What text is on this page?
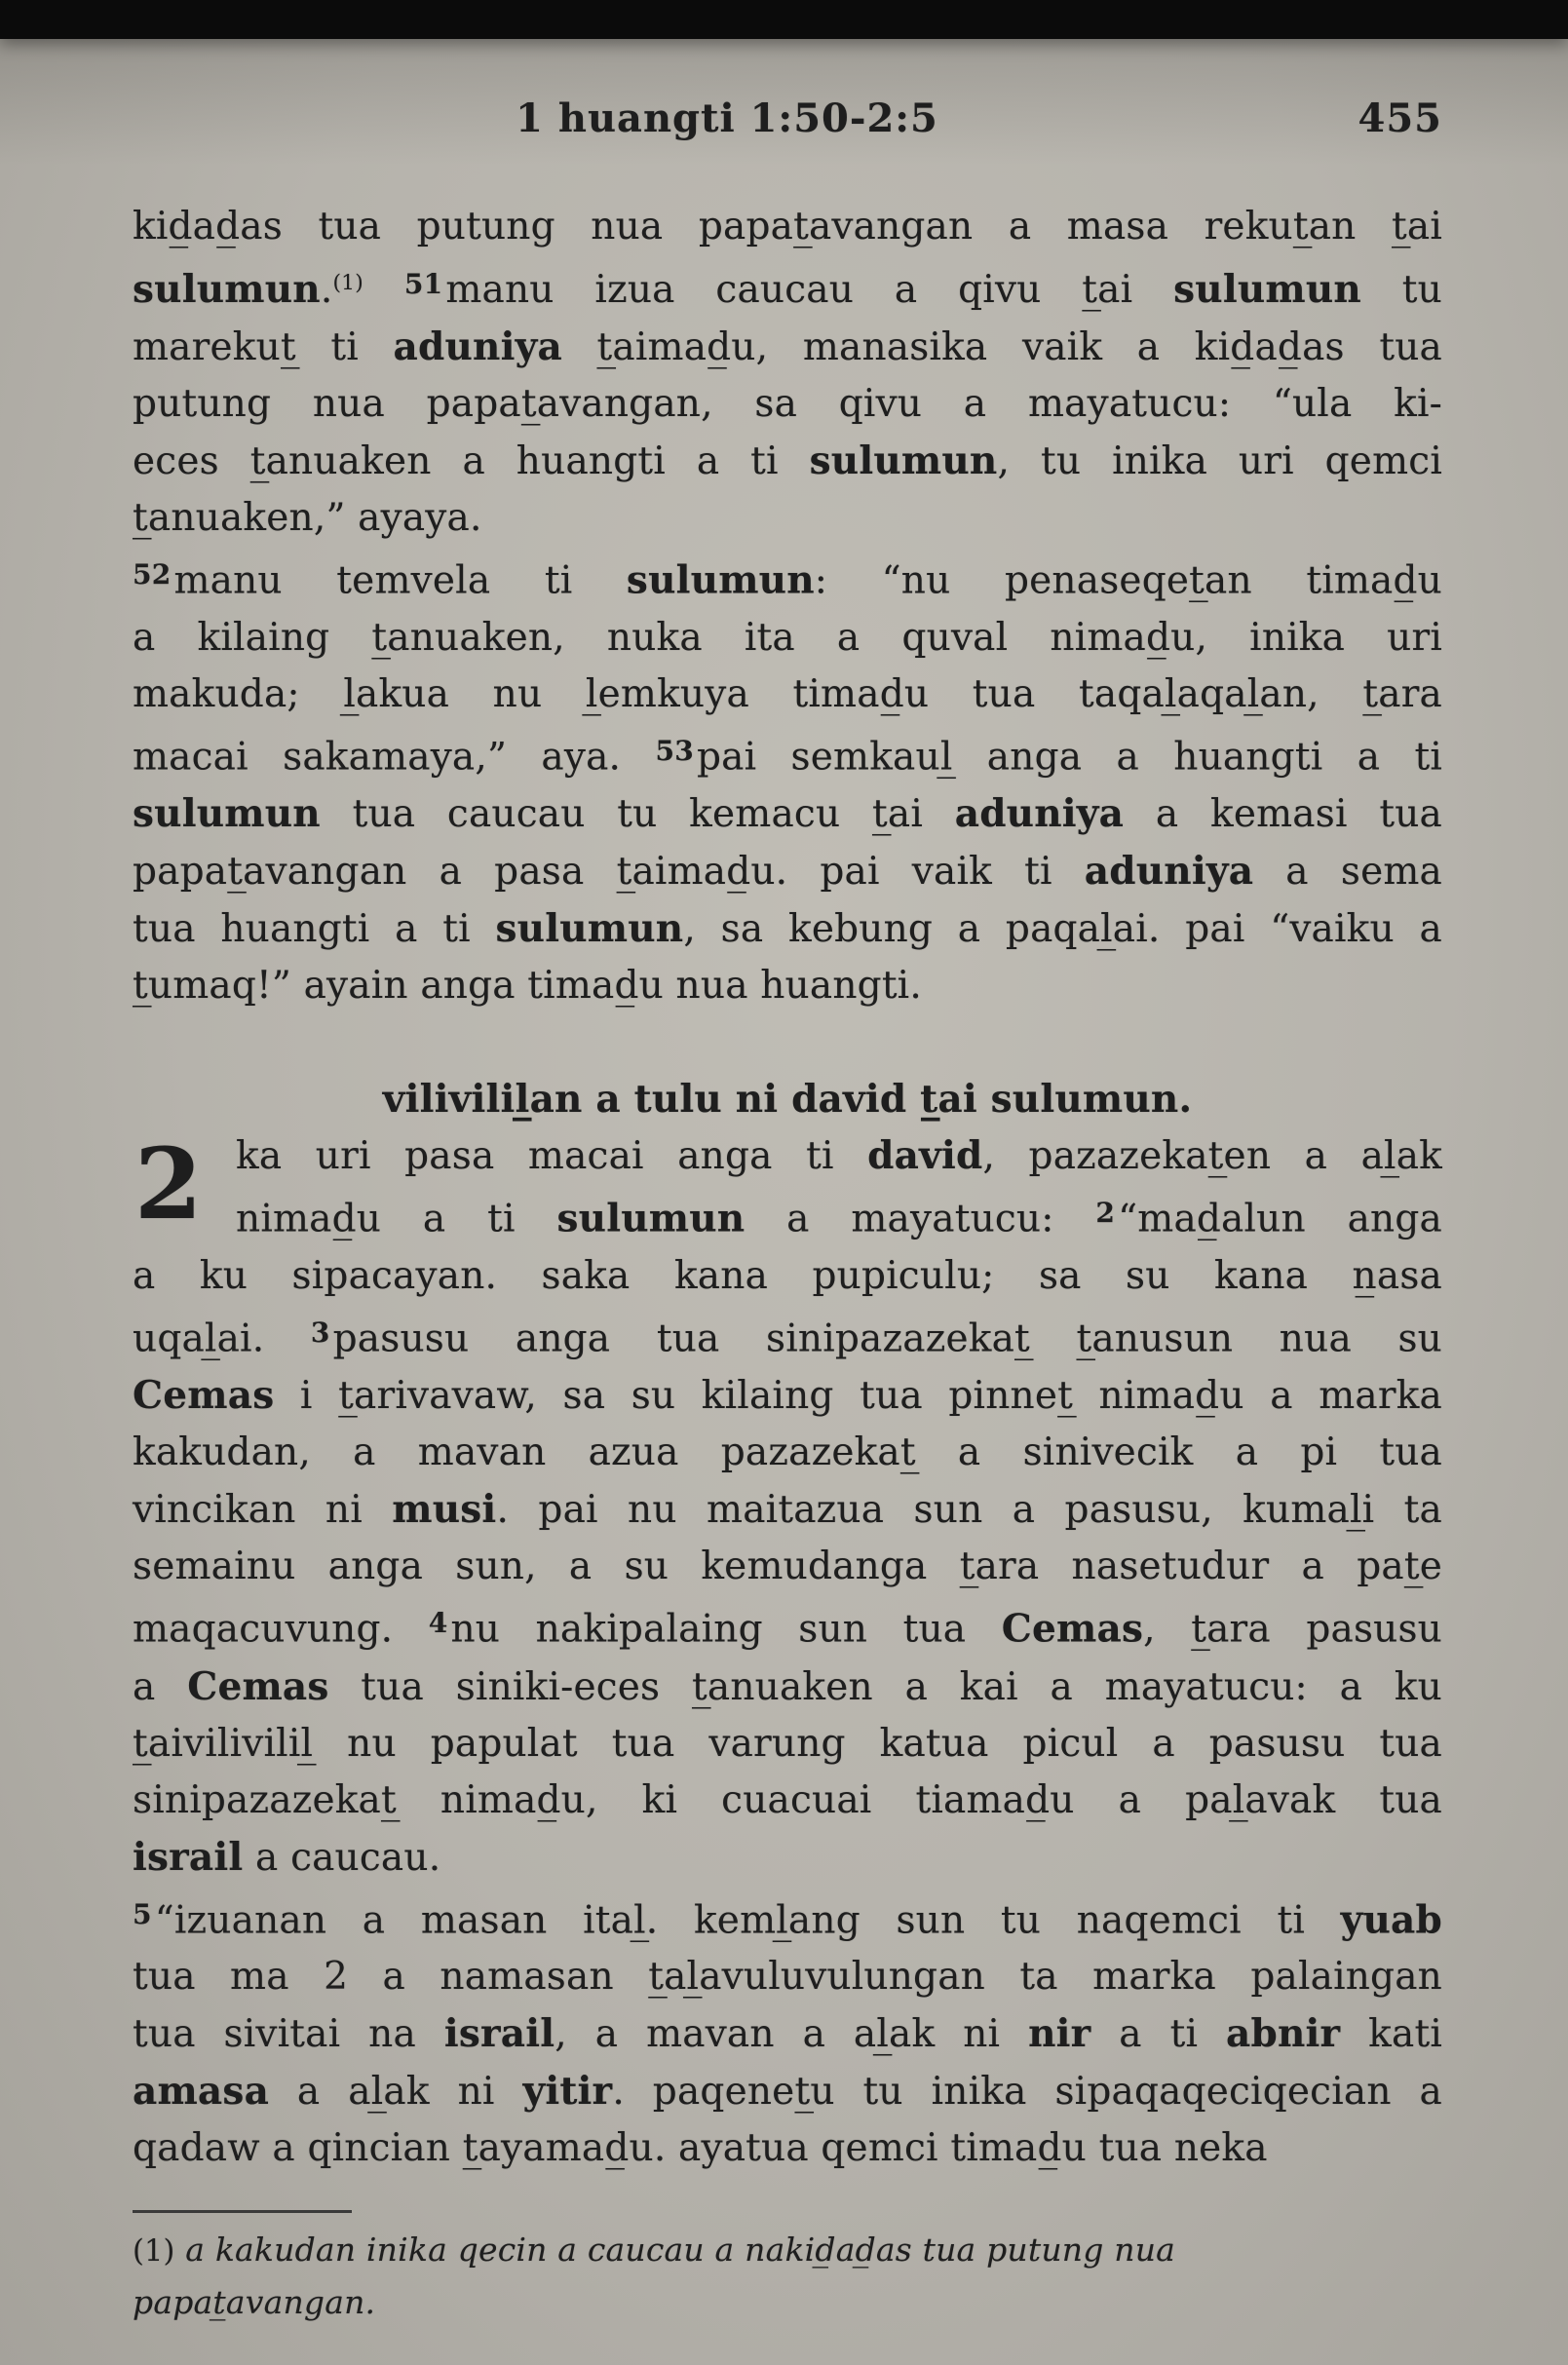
1 huangti 1:50-2:5	455
kid̲ad̲as tua putung nua papat̲avangan a masa rekut̲an t̲ai
sulumun.$^{(1)}$ $^{51}$manu izua caucau a qivu t̲ai sulumun tu
marekut̲ ti aduniya t̲aimad̲u, manasika vaik a kid̲ad̲as tua
putung nua papat̲avangan, sa qivu a mayatucu: “ula ki-
eces t̲anuaken a huangti a ti sulumun, tu inika uri qemci
t̲anuaken,” ayaya.
$^{52}$manu temvela ti sulumun: “nu penaseqet̲an timad̲u
a kilaing t̲anuaken, nuka ita a quval nimad̲u, inika uri
makuda; l̲akua nu l̲emkuya timad̲u tua taqal̲aqal̲an, t̲ara
macai sakamaya,” aya. $^{53}$pai semkaul̲ anga a huangti a ti
sulumun tua caucau tu kemacu t̲ai aduniya a kemasi tua
papat̲avangan a pasa t̲aimad̲u. pai vaik ti aduniya a sema
tua huangti a ti sulumun, sa kebung a paqal̲ai. pai “vaiku a
t̲umaq!” ayain anga timad̲u nua huangti.
vilivilil̲an a tulu ni david t̲ai sulumun.
2 ka uri pasa macai anga ti david, pazazekat̲en a al̲ak
nimad̲u a ti sulumun a mayatucu: $^2$“mad̲alun anga
a ku sipacayan. saka kana pupiculu; sa su kana n̲asa
uqal̲ai. $^3$pasusu anga tua sinipazazekat̲ t̲anusun nua su
Cemas i t̲arivavaw, sa su kilaing tua pinnet̲ nimad̲u a marka
kakudan, a mavan azua pazazekat̲ a sinivecik a pi tua
vincikan ni musi. pai nu maitazua sun a pasusu, kumal̲i ta
semainu anga sun, a su kemudanga t̲ara nasetudur a pat̲e
maqacuvung. $^4$nu nakipalaing sun tua Cemas, t̲ara pasusu
a Cemas tua siniki-eces t̲anuaken a kai a mayatucu: a ku
t̲aivilivilil̲ nu papulat tua varung katua picul a pasusu tua
sinipazazekat̲ nimad̲u, ki cuacuai tiamad̲u a pal̲avak tua
israil a caucau.
$^5$“izuanan a masan ital̲. keml̲ang sun tu naqemci ti yuab
tua ma 2 a namasan t̲al̲avuluvulungan ta marka palaingan
tua sivitai na israil, a mavan a al̲ak ni nir a ti abnir kati
amasa a al̲ak ni yitir. paqenet̲u tu inika sipaqaqeciqecian a
qadaw a qincian t̲ayamad̲u. ayatua qemci timad̲u tua neka
(1) a kakudan inika qecin a caucau a nakid̲ad̲as tua putung nua
papat̲avangan.
